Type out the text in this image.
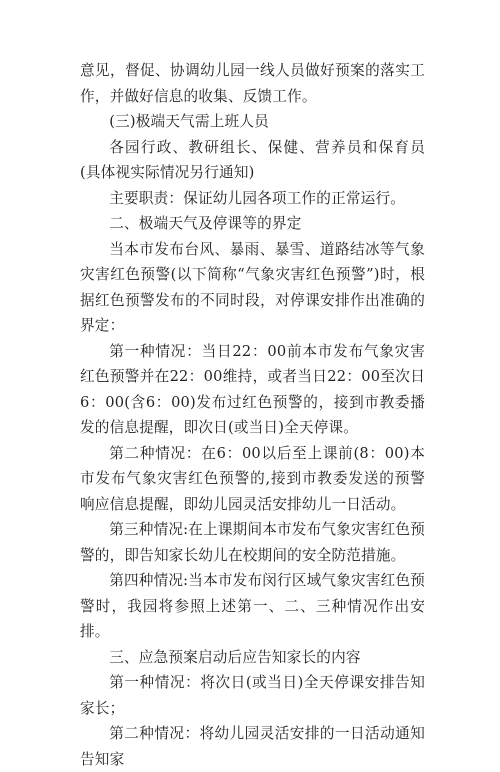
意见，督促、协调幼儿园一线人员做好预案的落实工作，并做好信息的收集、反馈工作。

(三)极端天气需上班人员

各园行政、教研组长、保健、营养员和保育员(具体视实际情况另行通知)

主要职责：保证幼儿园各项工作的正常运行。

二、极端天气及停课等的界定

当本市发布台风、暴雨、暴雪、道路结冰等气象灾害红色预警(以下简称“气象灾害红色预警”)时，根据红色预警发布的不同时段，对停课安排作出准确的界定：

第一种情况：当日22：00前本市发布气象灾害红色预警并在22：00维持，或者当日22：00至次日6：00(含6：00)发布过红色预警的，接到市教委播发的信息提醒，即次日(或当日)全天停课。

第二种情况：在6：00以后至上课前(8：00)本市发布气象灾害红色预警的,接到市教委发送的预警响应信息提醒，即幼儿园灵活安排幼儿一日活动。

第三种情况:在上课期间本市发布气象灾害红色预警的，即告知家长幼儿在校期间的安全防范措施。

第四种情况:当本市发布闵行区域气象灾害红色预警时，我园将参照上述第一、二、三种情况作出安排。

三、应急预案启动后应告知家长的内容

第一种情况：将次日(或当日)全天停课安排告知家长；

第二种情况：将幼儿园灵活安排的一日活动通知告知家
